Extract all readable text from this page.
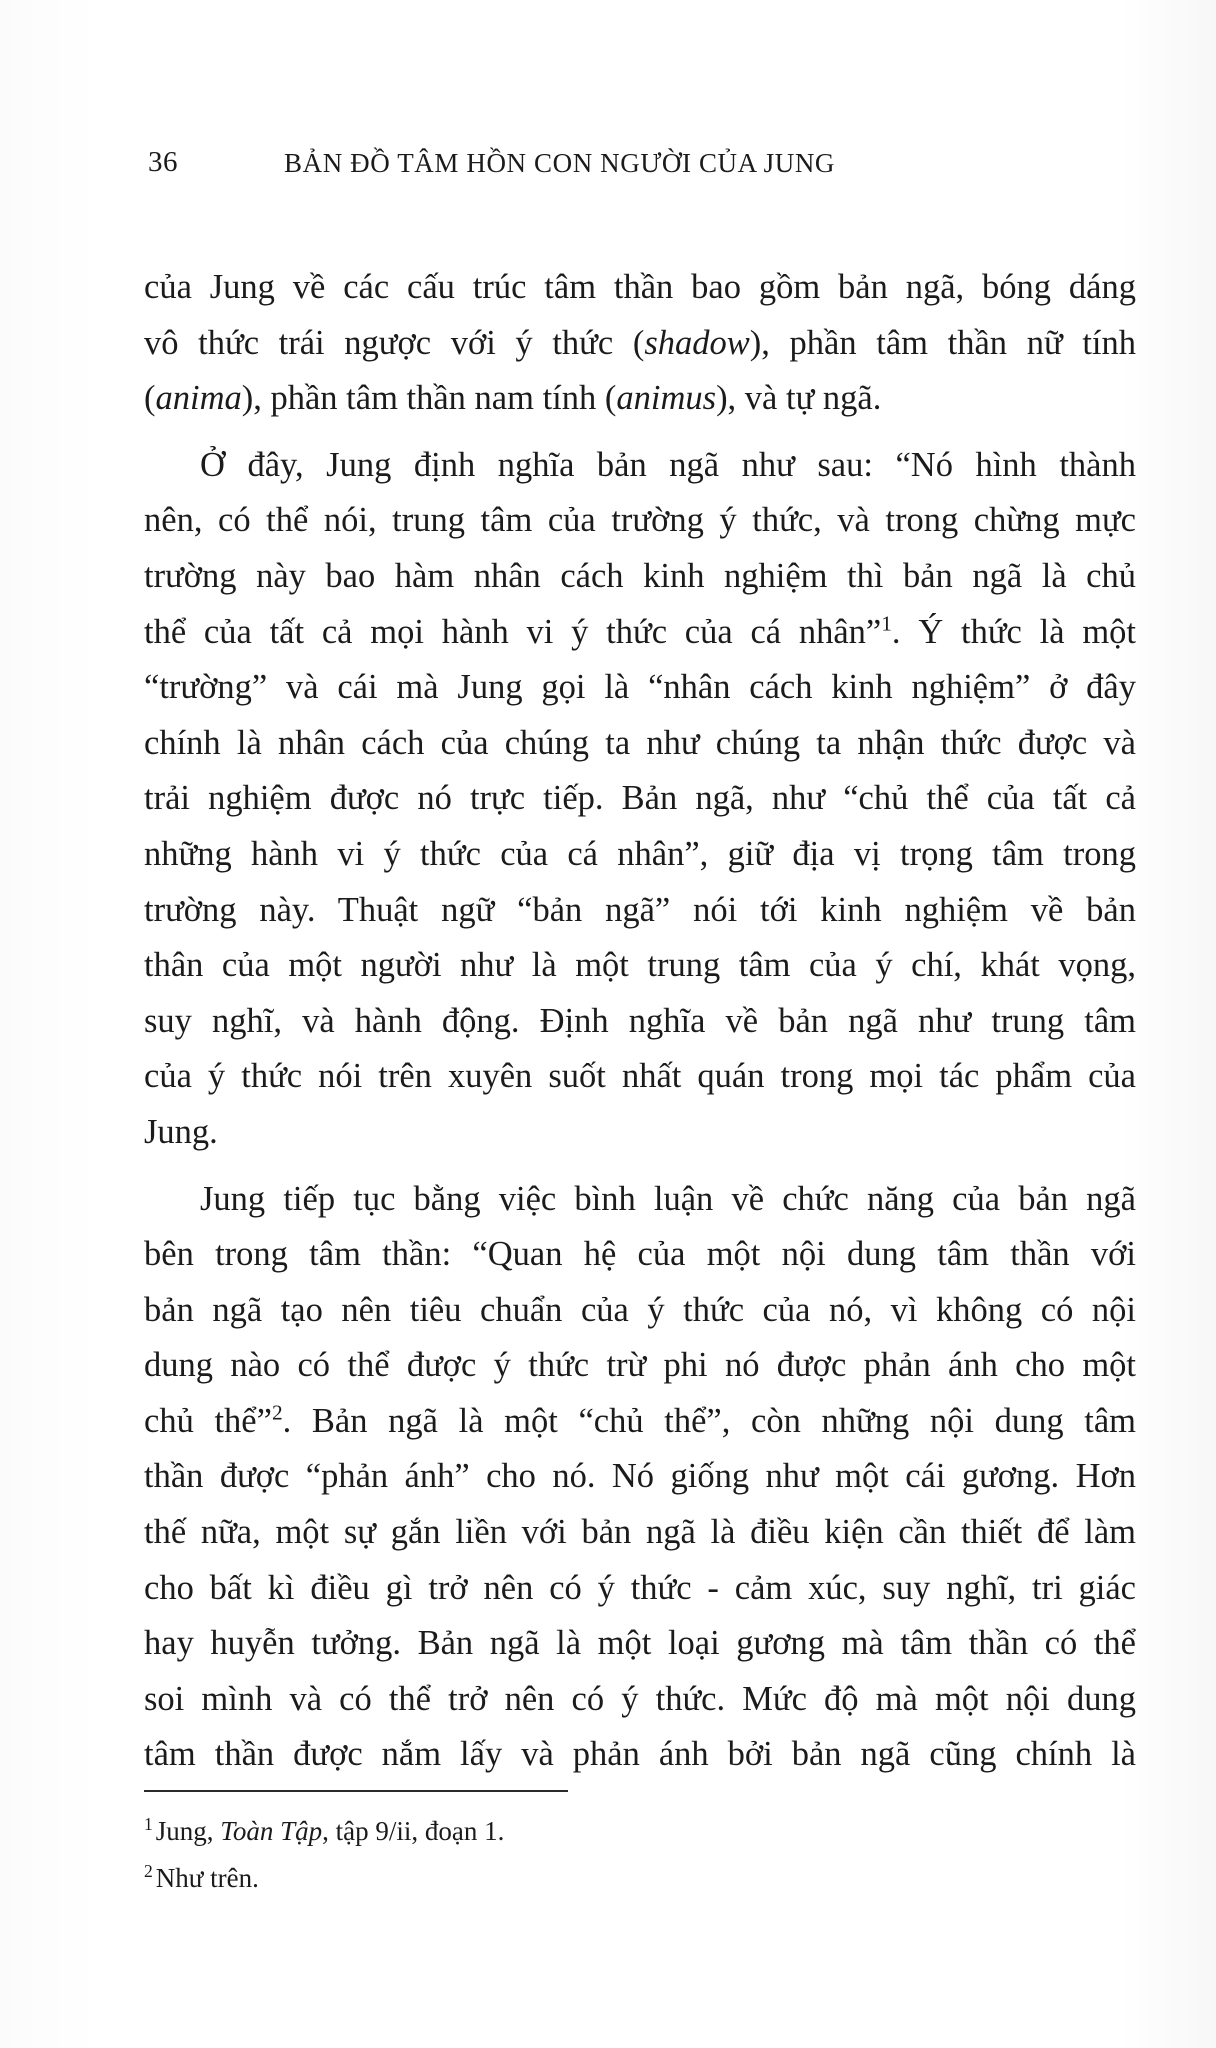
36	BẢN ĐỒ TÂM HỒN CON NGƯỜI CỦA JUNG

của Jung về các cấu trúc tâm thần bao gồm bản ngã, bóng dáng

vô thức trái ngược với ý thức (shadow), phần tâm thần nữ tính

(anima), phần tâm thần nam tính (animus), và tự ngã.

Ở đây, Jung định nghĩa bản ngã như sau: “Nó hình thành

nên, có thể nói, trung tâm của trường ý thức, và trong chừng mực

trường này bao hàm nhân cách kinh nghiệm thì bản ngã là chủ

thể của tất cả mọi hành vi ý thức của cá nhân”$^1$. Ý thức là một

“trường” và cái mà Jung gọi là “nhân cách kinh nghiệm” ở đây

chính là nhân cách của chúng ta như chúng ta nhận thức được và

trải nghiệm được nó trực tiếp. Bản ngã, như “chủ thể của tất cả

những hành vi ý thức của cá nhân”, giữ địa vị trọng tâm trong

trường này. Thuật ngữ “bản ngã” nói tới kinh nghiệm về bản

thân của một người như là một trung tâm của ý chí, khát vọng,

suy nghĩ, và hành động. Định nghĩa về bản ngã như trung tâm

của ý thức nói trên xuyên suốt nhất quán trong mọi tác phẩm của

Jung.

Jung tiếp tục bằng việc bình luận về chức năng của bản ngã

bên trong tâm thần: “Quan hệ của một nội dung tâm thần với

bản ngã tạo nên tiêu chuẩn của ý thức của nó, vì không có nội

dung nào có thể được ý thức trừ phi nó được phản ánh cho một

chủ thể”$^2$. Bản ngã là một “chủ thể”, còn những nội dung tâm

thần được “phản ánh” cho nó. Nó giống như một cái gương. Hơn

thế nữa, một sự gắn liền với bản ngã là điều kiện cần thiết để làm

cho bất kì điều gì trở nên có ý thức - cảm xúc, suy nghĩ, tri giác

hay huyễn tưởng. Bản ngã là một loại gương mà tâm thần có thể

soi mình và có thể trở nên có ý thức. Mức độ mà một nội dung

tâm thần được nắm lấy và phản ánh bởi bản ngã cũng chính là

$^1$ Jung, Toàn Tập, tập 9/ii, đoạn 1.

$^2$ Như trên.
